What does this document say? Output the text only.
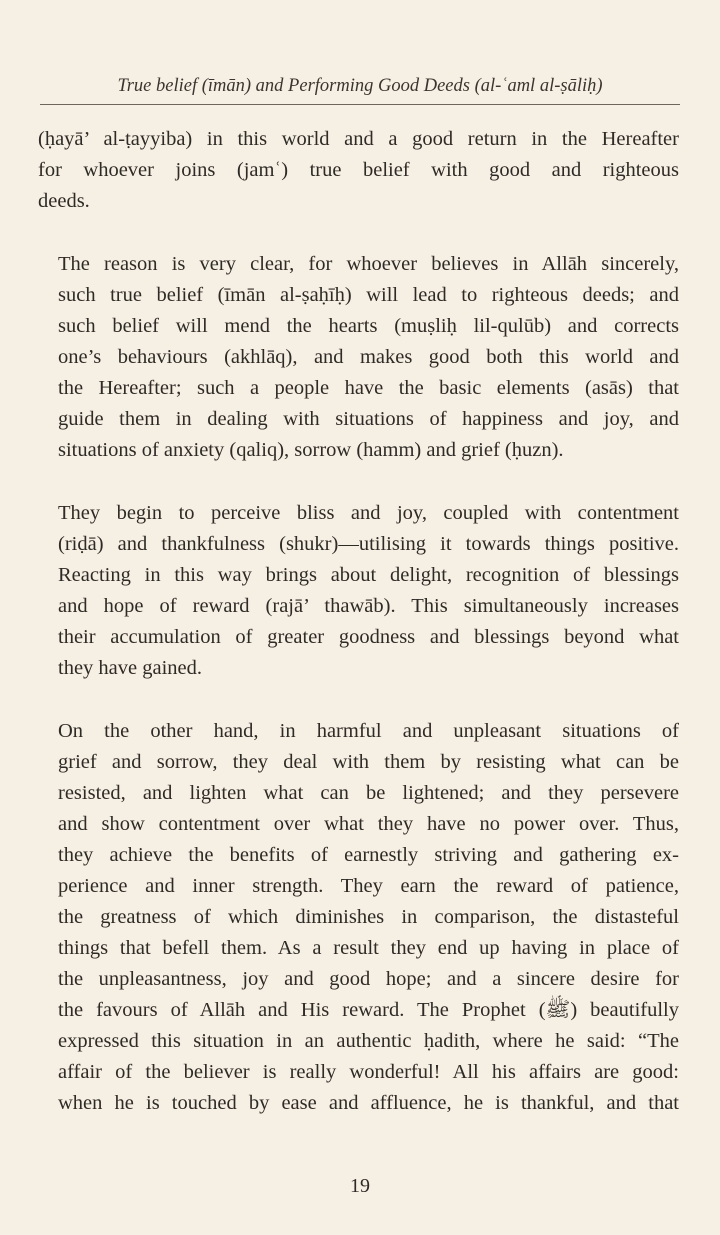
True belief (īmān) and Performing Good Deeds (al-ʿaml al-ṣāliḥ)

(ḥayā’ al-ṭayyiba) in this world and a good return in the Hereafter
for whoever joins (jamʿ) true belief with good and righteous
deeds.

The reason is very clear, for whoever believes in Allāh sincerely,
such true belief (īmān al-ṣaḥīḥ) will lead to righteous deeds; and
such belief will mend the hearts (muṣliḥ lil-qulūb) and corrects
one’s behaviours (akhlāq), and makes good both this world and
the Hereafter; such a people have the basic elements (asās) that
guide them in dealing with situations of happiness and joy, and
situations of anxiety (qaliq), sorrow (hamm) and grief (ḥuzn).

They begin to perceive bliss and joy, coupled with contentment
(riḍā) and thankfulness (shukr)—utilising it towards things positive.
Reacting in this way brings about delight, recognition of blessings
and hope of reward (rajā’ thawāb). This simultaneously increases
their accumulation of greater goodness and blessings beyond what
they have gained.

On the other hand, in harmful and unpleasant situations of
grief and sorrow, they deal with them by resisting what can be
resisted, and lighten what can be lightened; and they persevere
and show contentment over what they have no power over. Thus,
they achieve the benefits of earnestly striving and gathering ex-
perience and inner strength. They earn the reward of patience,
the greatness of which diminishes in comparison, the distasteful
things that befell them. As a result they end up having in place of
the unpleasantness, joy and good hope; and a sincere desire for
the favours of Allāh and His reward. The Prophet (ﷺ) beautifully
expressed this situation in an authentic ḥadith, where he said: “The
affair of the believer is really wonderful! All his affairs are good:
when he is touched by ease and affluence, he is thankful, and that

19
